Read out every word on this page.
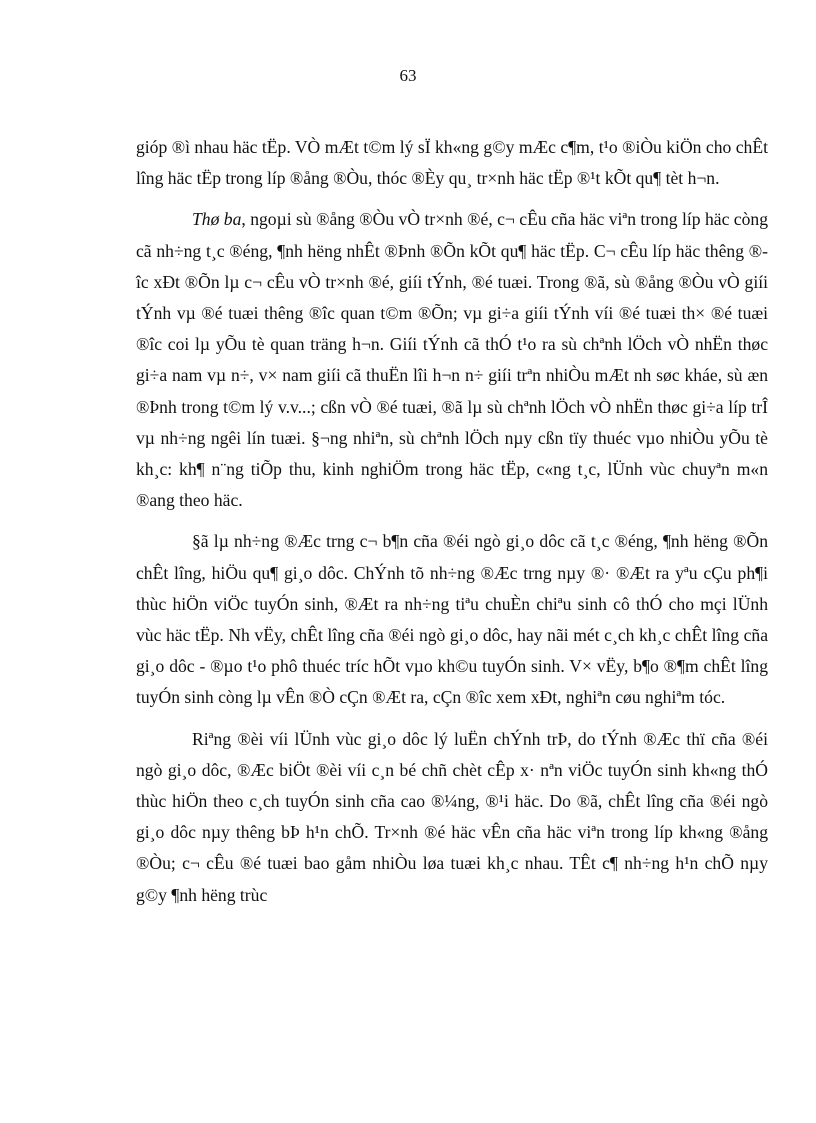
63

gióp ®ì nhau häc tËp. VÒ mÆt t©m lý sÏ kh«ng g©y mÆc c¶m, t¹o ®iÒu kiÖn cho chÊt lîng häc tËp trong líp ®ång ®Òu, thóc ®Èy qu¸ tr×nh häc tËp ®¹t kÕt qu¶ tèt h¬n.

Thø ba, ngoµi sù ®ång ®Òu vÒ tr×nh ®é, c¬ cÊu cña häc viªn trong líp häc còng cã nh÷ng t¸c ®éng, ¶nh hëng nhÊt ®Þnh ®Õn kÕt qu¶ häc tËp. C¬ cÊu líp häc thêng ®îc xÐt ®Õn lµ c¬ cÊu vÒ tr×nh ®é, giíi tÝnh, ®é tuæi. Trong ®ã, sù ®ång ®Òu vÒ giíi tÝnh vµ ®é tuæi thêng ®îc quan t©m ®Õn; vµ gi÷a giíi tÝnh víi ®é tuæi th× ®é tuæi ®îc coi lµ yÕu tè quan träng h¬n. Giíi tÝnh cã thÓ t¹o ra sù chªnh lÖch vÒ nhËn thøc gi÷a nam vµ n÷, v× nam giíi cã thuËn lîi h¬n n÷ giíi trªn nhiÒu mÆt nh søc kháe, sù æn ®Þnh trong t©m lý v.v...; cßn vÒ ®é tuæi, ®ã lµ sù chªnh lÖch vÒ nhËn thøc gi÷a líp trÎ vµ nh÷ng ngêi lín tuæi. §¬ng nhiªn, sù chªnh lÖch nµy cßn tïy thuéc vµo nhiÒu yÕu tè kh¸c: kh¶ n¨ng tiÕp thu, kinh nghiÖm trong häc tËp, c«ng t¸c, lÜnh vùc chuyªn m«n ®ang theo häc.

§ã lµ nh÷ng ®Æc trng c¬ b¶n cña ®éi ngò gi¸o dôc cã t¸c ®éng, ¶nh hëng ®Õn chÊt lîng, hiÖu qu¶ gi¸o dôc. ChÝnh tõ nh÷ng ®Æc trng nµy ®· ®Æt ra yªu cÇu ph¶i thùc hiÖn viÖc tuyÓn sinh, ®Æt ra nh÷ng tiªu chuÈn chiªu sinh cô thÓ cho mçi lÜnh vùc häc tËp. Nh vËy, chÊt lîng cña ®éi ngò gi¸o dôc, hay nãi mét c¸ch kh¸c chÊt lîng cña gi¸o dôc - ®µo t¹o phô thuéc tríc hÕt vµo kh©u tuyÓn sinh. V× vËy, b¶o ®¶m chÊt lîng tuyÓn sinh còng lµ vÊn ®Ò cÇn ®Æt ra, cÇn ®îc xem xÐt, nghiªn cøu nghiªm tóc.

Riªng ®èi víi lÜnh vùc gi¸o dôc lý luËn chÝnh trÞ, do tÝnh ®Æc thï cña ®éi ngò gi¸o dôc, ®Æc biÖt ®èi víi c¸n bé chñ chèt cÊp x· nªn viÖc tuyÓn sinh kh«ng thÓ thùc hiÖn theo c¸ch tuyÓn sinh cña cao ®¼ng, ®¹i häc. Do ®ã, chÊt lîng cña ®éi ngò gi¸o dôc nµy thêng bÞ h¹n chÕ. Tr×nh ®é häc vÊn cña häc viªn trong líp kh«ng ®ång ®Òu; c¬ cÊu ®é tuæi bao gåm nhiÒu løa tuæi kh¸c nhau. TÊt c¶ nh÷ng h¹n chÕ nµy g©y ¶nh hëng trùc
